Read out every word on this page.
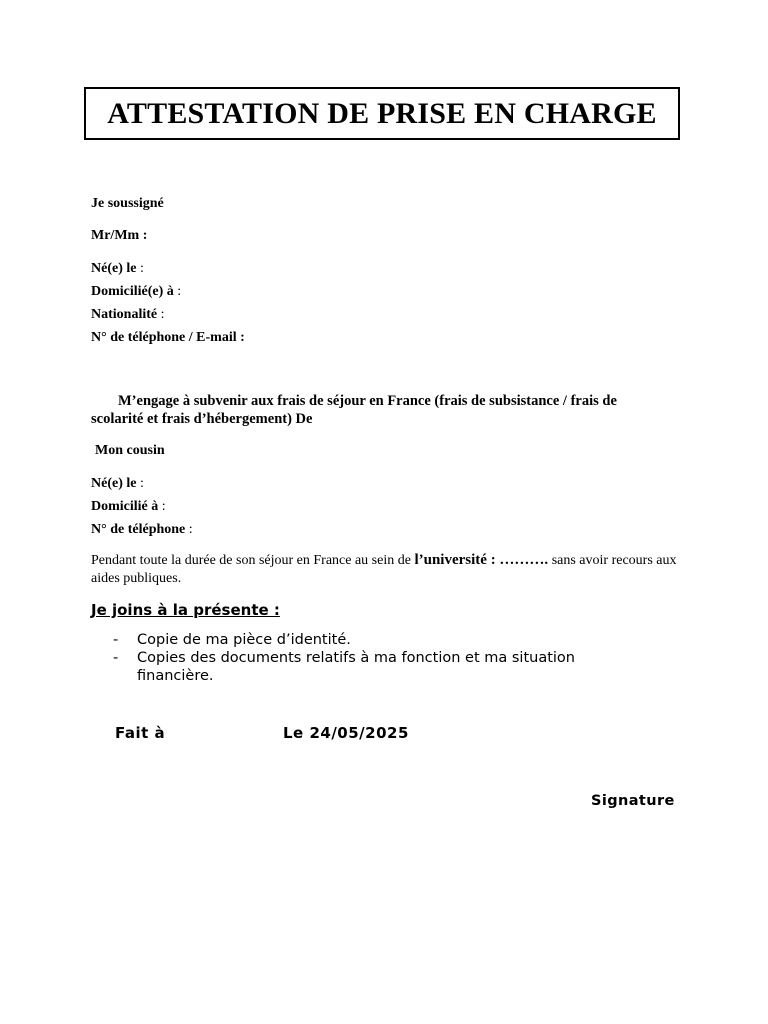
ATTESTATION DE PRISE EN CHARGE
Je soussigné
Mr/Mm :
Né(e) le :
Domicilié(e) à :
Nationalité :
N° de téléphone / E-mail :
M’engage à subvenir aux frais de séjour en France (frais de subsistance / frais de scolarité et frais d’hébergement) De
Mon cousin
Né(e) le :
Domicilié à :
N° de téléphone :
Pendant toute la durée de son séjour en France au sein de l’université : ………. sans avoir recours aux aides publiques.
Je joins à la présente :
- Copie de ma pièce d’identité.
- Copies des documents relatifs à ma fonction et ma situation financière.
Fait à	Le 24/05/2025
Signature
